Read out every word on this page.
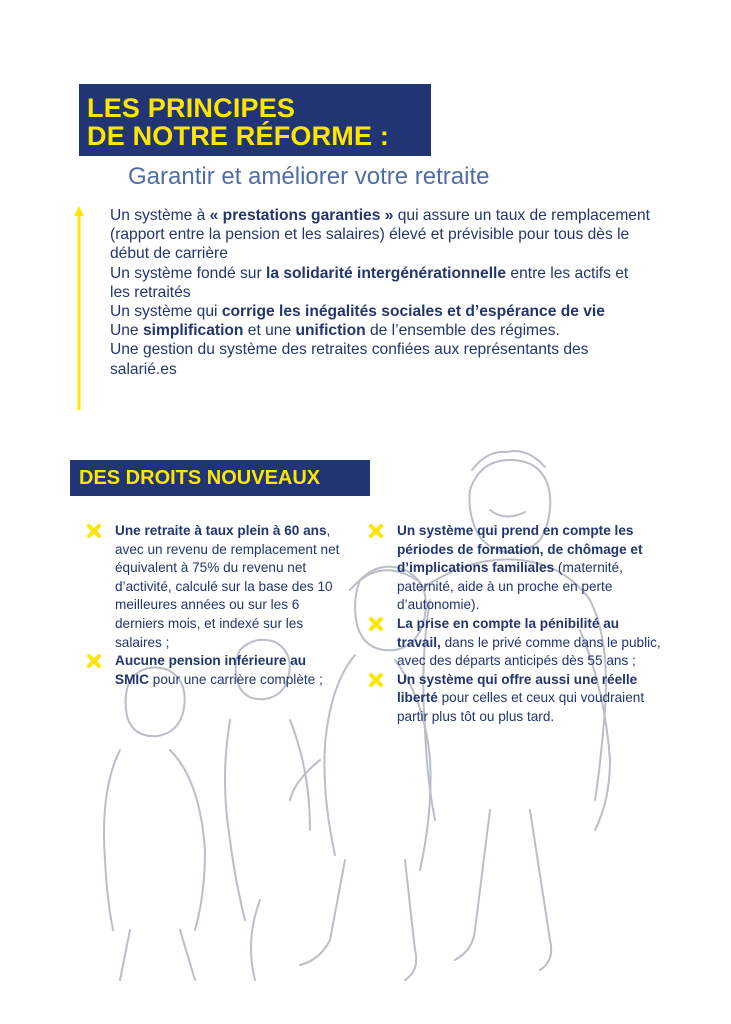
LES PRINCIPES
DE NOTRE RÉFORME :
Garantir et améliorer votre retraite

Un système à « prestations garanties » qui assure un taux de remplacement (rapport entre la pension et les salaires) élevé et prévisible pour tous dès le début de carrière

Un système fondé sur la solidarité intergénérationnelle entre les actifs et les retraités

Un système qui corrige les inégalités sociales et d’espérance de vie

Une simplification et une unifiction de l’ensemble des régimes.

Une gestion du système des retraites confiées aux représentants des salarié.es

DES DROITS NOUVEAUX
Une retraite à taux plein à 60 ans, avec un revenu de remplacement net équivalent à 75% du revenu net d’activité, calculé sur la base des 10 meilleures années ou sur les 6 derniers mois, et indexé sur les salaires ;
Aucune pension inférieure au SMIC pour une carrière complète ;
Un système qui prend en compte les périodes de formation, de chômage et d’implications familiales (maternité, paternité, aide à un proche en perte d’autonomie).
La prise en compte la pénibilité au travail, dans le privé comme dans le public, avec des départs anticipés dès 55 ans ;
Un système qui offre aussi une réelle liberté pour celles et ceux qui voudraient partir plus tôt ou plus tard.
